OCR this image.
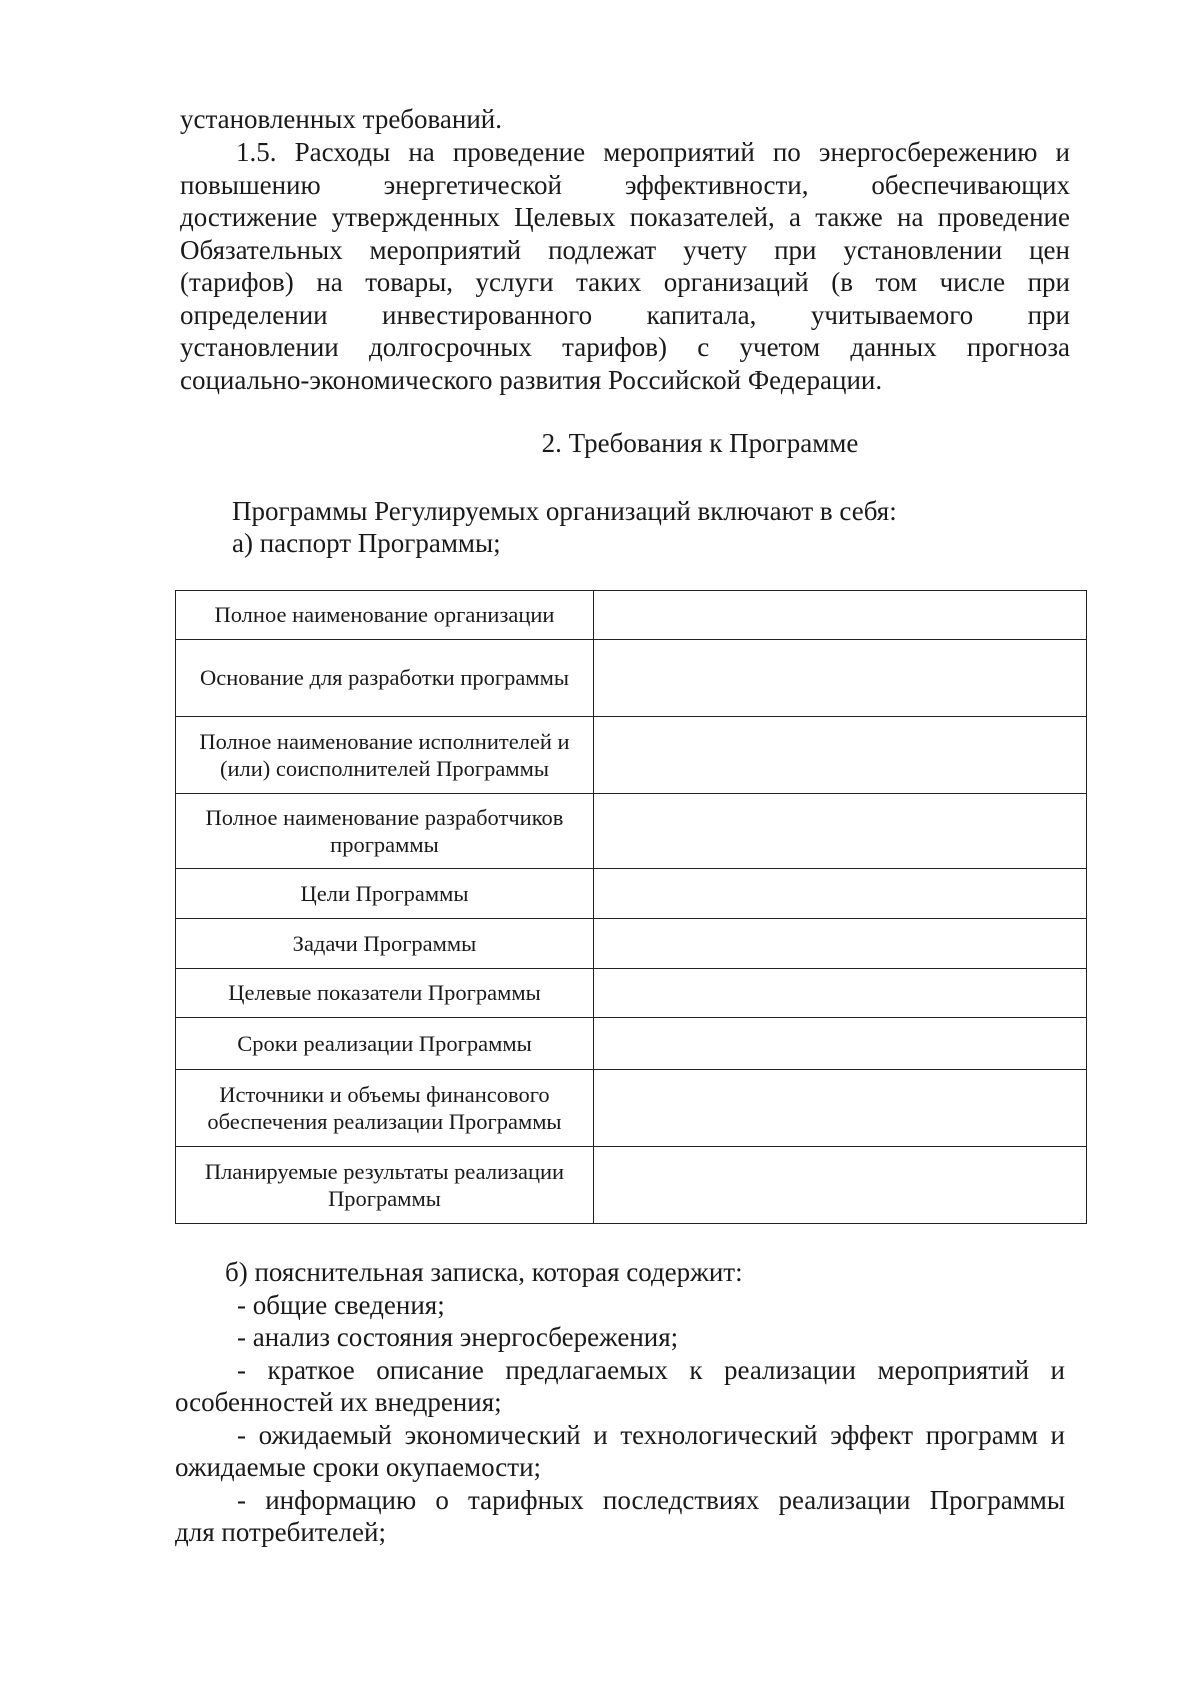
установленных требований.
1.5. Расходы на проведение мероприятий по энергосбережению и
повышению энергетической эффективности, обеспечивающих
достижение утвержденных Целевых показателей, а также на проведение
Обязательных мероприятий подлежат учету при установлении цен
(тарифов) на товары, услуги таких организаций (в том числе при
определении инвестированного капитала, учитываемого при
установлении долгосрочных тарифов) с учетом данных прогноза
социально-экономического развития Российской Федерации.
2. Требования к Программе
Программы Регулируемых организаций включают в себя:
а) паспорт Программы;
Полное наименование организации	
Основание для разработки программы	
Полное наименование исполнителей и (или) соисполнителей Программы	
Полное наименование разработчиков программы	
Цели Программы	
Задачи Программы	
Целевые показатели Программы	
Сроки реализации Программы	
Источники и объемы финансового обеспечения реализации Программы	
Планируемые результаты реализации Программы	
б) пояснительная записка, которая содержит:
- общие сведения;
- анализ состояния энергосбережения;
- краткое описание предлагаемых к реализации мероприятий и
особенностей их внедрения;
- ожидаемый экономический и технологический эффект программ и
ожидаемые сроки окупаемости;
- информацию о тарифных последствиях реализации Программы
для потребителей;
